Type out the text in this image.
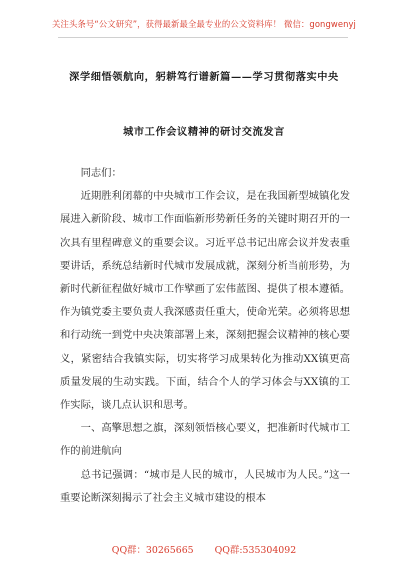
关注头条号“公文研究”，获得最新最全最专业的公文资料库！ 微信：gongwenyj
深学细悟领航向，躬耕笃行谱新篇——学习贯彻落实中央
城市工作会议精神的研讨交流发言

同志们：

近期胜利闭幕的中央城市工作会议，是在我国新型城镇化发展进入新阶段、城市工作面临新形势新任务的关键时期召开的一次具有里程碑意义的重要会议。习近平总书记出席会议并发表重要讲话，系统总结新时代城市发展成就，深刻分析当前形势，为新时代新征程做好城市工作擘画了宏伟蓝图、提供了根本遵循。作为镇党委主要负责人我深感责任重大，使命光荣。必须将思想和行动统一到党中央决策部署上来，深刻把握会议精神的核心要义，紧密结合我镇实际，切实将学习成果转化为推动XX镇更高质量发展的生动实践。下面，结合个人的学习体会与XX镇的工作实际，谈几点认识和思考。

一、高擎思想之旗，深刻领悟核心要义，把准新时代城市工作的前进航向

总书记强调：“城市是人民的城市，人民城市为人民。”这一重要论断深刻揭示了社会主义城市建设的根本

QQ群：30265665 QQ群:535304092
